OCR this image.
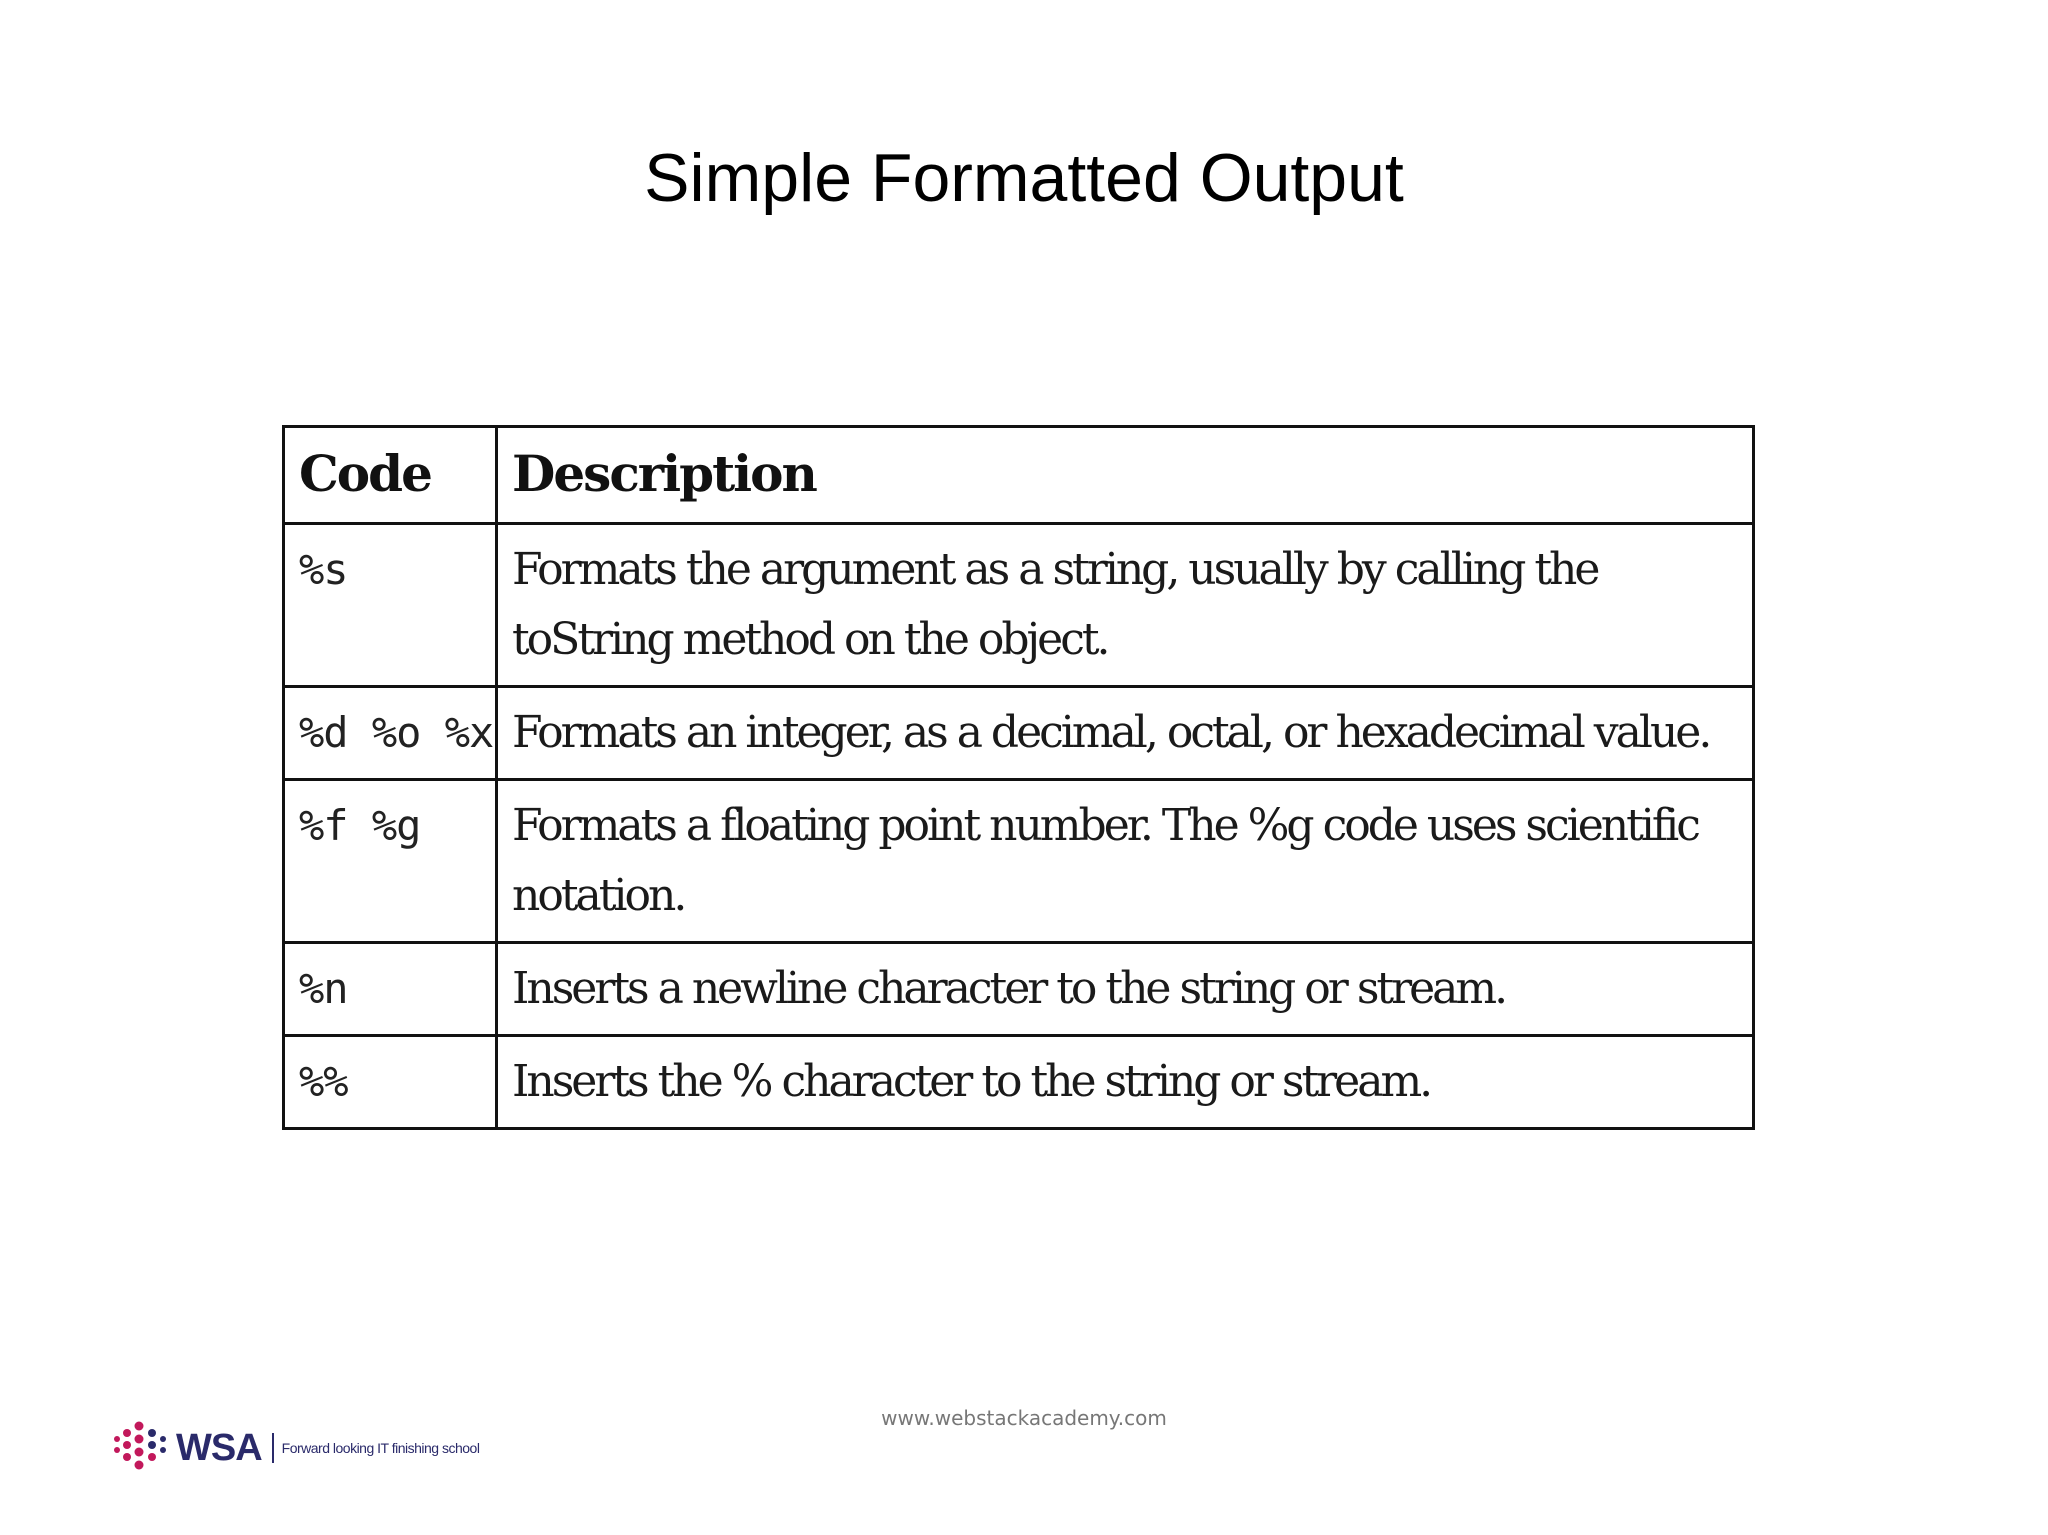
Simple Formatted Output
Code	Description
%s	Formats the argument as a string, usually by calling the toString method on the object.
%d %o %x	Formats an integer, as a decimal, octal, or hexadecimal value.
%f %g	Formats a floating point number. The %g code uses scientific notation.
%n	Inserts a newline character to the string or stream.
%%	Inserts the % character to the string or stream.
www.webstackacademy.com
WSA Forward looking IT finishing school
